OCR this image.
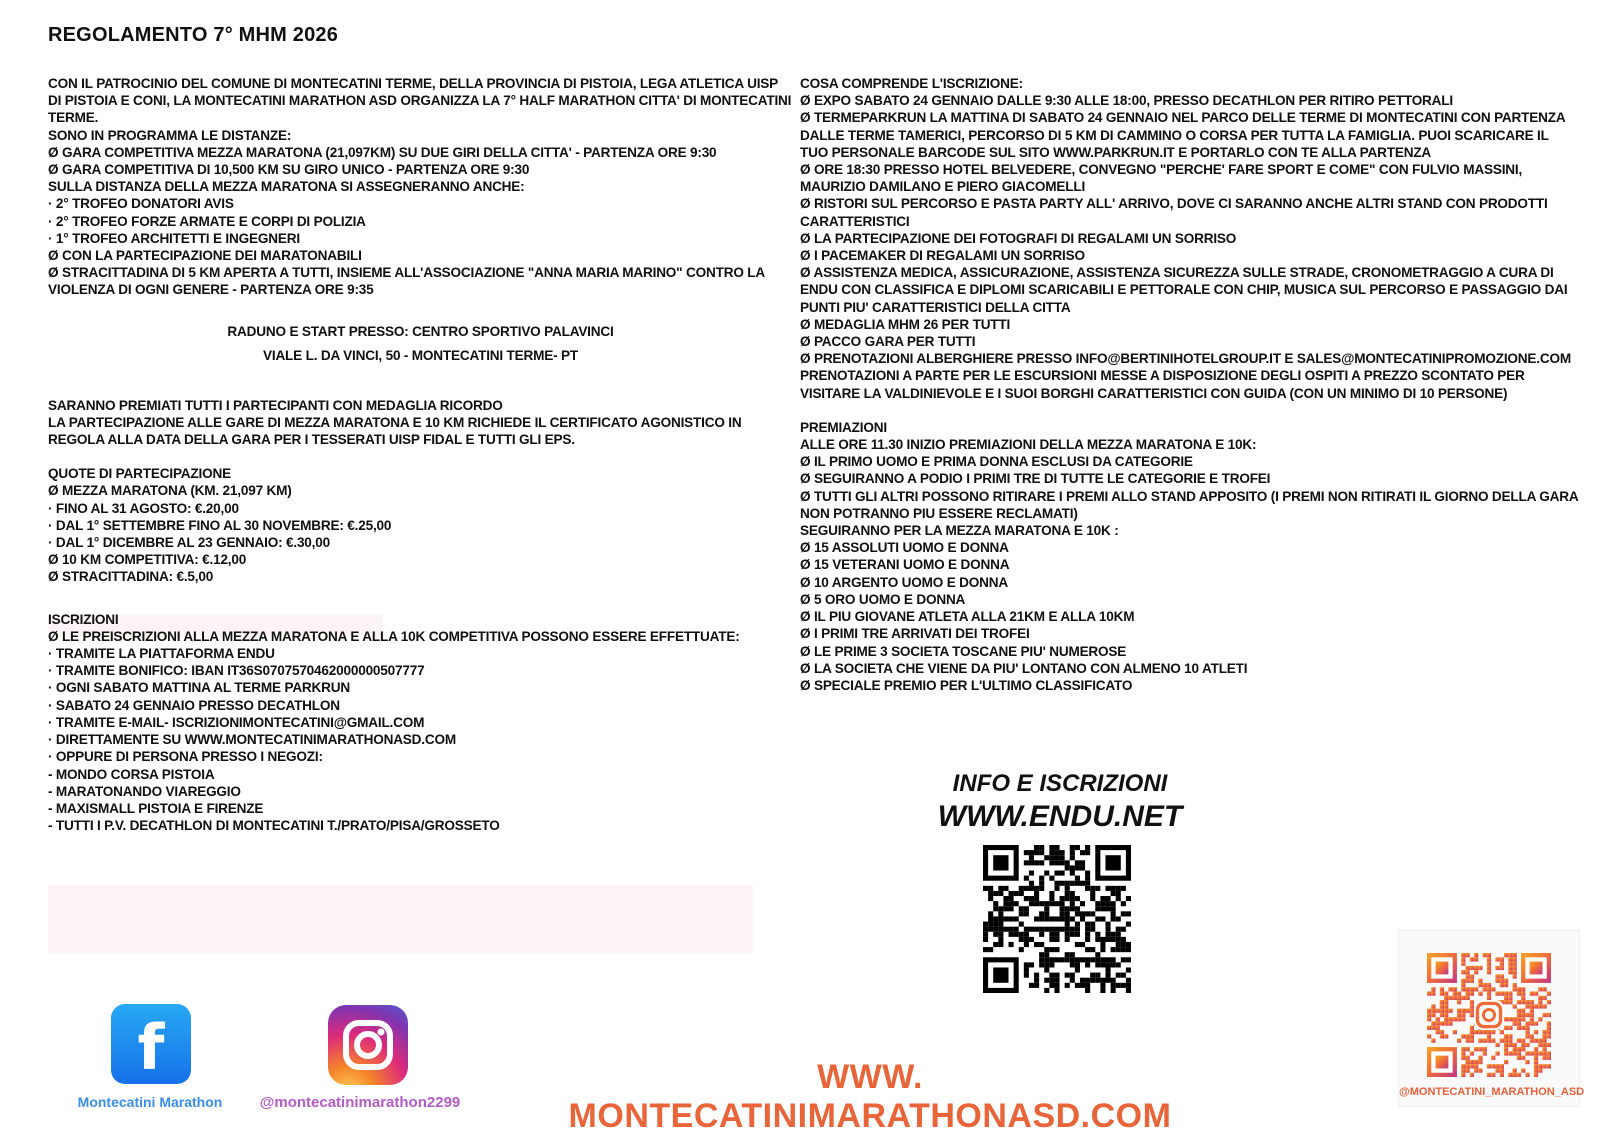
REGOLAMENTO 7° MHM 2026
CON IL PATROCINIO DEL COMUNE DI MONTECATINI TERME, DELLA PROVINCIA DI PISTOIA, LEGA ATLETICA UISP DI PISTOIA E CONI, LA MONTECATINI MARATHON ASD ORGANIZZA LA 7° HALF MARATHON CITTA' DI MONTECATINI TERME.
SONO IN PROGRAMMA LE DISTANZE:
Ø GARA COMPETITIVA MEZZA MARATONA (21,097KM) SU DUE GIRI DELLA CITTA' - PARTENZA ORE 9:30
Ø GARA COMPETITIVA DI 10,500 KM SU GIRO UNICO - PARTENZA ORE 9:30
SULLA DISTANZA DELLA MEZZA MARATONA SI ASSEGNERANNO ANCHE:
· 2° TROFEO DONATORI AVIS
· 2° TROFEO FORZE ARMATE E CORPI DI POLIZIA
· 1° TROFEO ARCHITETTI E INGEGNERI
Ø CON LA PARTECIPAZIONE DEI MARATONABILI
Ø STRACITTADINA DI 5 KM APERTA A TUTTI, INSIEME ALL'ASSOCIAZIONE "ANNA MARIA MARINO" CONTRO LA VIOLENZA DI OGNI GENERE - PARTENZA ORE 9:35
RADUNO E START PRESSO: CENTRO SPORTIVO PALAVINCI
VIALE L. DA VINCI, 50 - MONTECATINI TERME- PT
SARANNO PREMIATI TUTTI I PARTECIPANTI CON MEDAGLIA RICORDO
LA PARTECIPAZIONE ALLE GARE DI MEZZA MARATONA E 10 KM RICHIEDE IL CERTIFICATO AGONISTICO IN REGOLA ALLA DATA DELLA GARA PER I TESSERATI UISP FIDAL E TUTTI GLI EPS.
QUOTE DI PARTECIPAZIONE
Ø MEZZA MARATONA (KM. 21,097 KM)
· FINO AL 31 AGOSTO: €.20,00
· DAL 1° SETTEMBRE FINO AL 30 NOVEMBRE: €.25,00
· DAL 1° DICEMBRE AL 23 GENNAIO: €.30,00
Ø 10 KM COMPETITIVA: €.12,00
Ø STRACITTADINA: €.5,00
ISCRIZIONI
Ø LE PREISCRIZIONI ALLA MEZZA MARATONA E ALLA 10K COMPETITIVA POSSONO ESSERE EFFETTUATE:
· TRAMITE LA PIATTAFORMA ENDU
· TRAMITE BONIFICO: IBAN IT36S0707570462000000507777
· OGNI SABATO MATTINA AL TERME PARKRUN
· SABATO 24 GENNAIO PRESSO DECATHLON
· TRAMITE E-MAIL- ISCRIZIONIMONTECATINI@GMAIL.COM
· DIRETTAMENTE SU WWW.MONTECATINIMARATHONASD.COM
· OPPURE DI PERSONA PRESSO I NEGOZI:
- MONDO CORSA PISTOIA
- MARATONANDO VIAREGGIO
- MAXISMALL PISTOIA E FIRENZE
- TUTTI I P.V. DECATHLON DI MONTECATINI T./PRATO/PISA/GROSSETO
COSA COMPRENDE L'ISCRIZIONE:
Ø EXPO SABATO 24 GENNAIO DALLE 9:30 ALLE 18:00, PRESSO DECATHLON PER RITIRO PETTORALI
Ø TERMEPARKRUN LA MATTINA DI SABATO 24 GENNAIO NEL PARCO DELLE TERME DI MONTECATINI CON PARTENZA DALLE TERME TAMERICI, PERCORSO DI 5 KM DI CAMMINO O CORSA PER TUTTA LA FAMIGLIA. PUOI SCARICARE IL TUO PERSONALE BARCODE SUL SITO WWW.PARKRUN.IT E PORTARLO CON TE ALLA PARTENZA
Ø ORE 18:30 PRESSO HOTEL BELVEDERE, CONVEGNO "PERCHE' FARE SPORT E COME" CON FULVIO MASSINI, MAURIZIO DAMILANO E PIERO GIACOMELLI
Ø RISTORI SUL PERCORSO E PASTA PARTY ALL' ARRIVO, DOVE CI SARANNO ANCHE ALTRI STAND CON PRODOTTI CARATTERISTICI
Ø LA PARTECIPAZIONE DEI FOTOGRAFI DI REGALAMI UN SORRISO
Ø I PACEMAKER DI REGALAMI UN SORRISO
Ø ASSISTENZA MEDICA, ASSICURAZIONE, ASSISTENZA SICUREZZA SULLE STRADE, CRONOMETRAGGIO A CURA DI ENDU CON CLASSIFICA E DIPLOMI SCARICABILI E PETTORALE CON CHIP, MUSICA SUL PERCORSO E PASSAGGIO DAI PUNTI PIU' CARATTERISTICI DELLA CITTA
Ø MEDAGLIA MHM 26 PER TUTTI
Ø PACCO GARA PER TUTTI
Ø PRENOTAZIONI ALBERGHIERE PRESSO INFO@BERTINIHOTELGROUP.IT E SALES@MONTECATINIPROMOZIONE.COM
PRENOTAZIONI A PARTE PER LE ESCURSIONI MESSE A DISPOSIZIONE DEGLI OSPITI A PREZZO SCONTATO PER VISITARE LA VALDINIEVOLE E I SUOI BORGHI CARATTERISTICI CON GUIDA (CON UN MINIMO DI 10 PERSONE)
PREMIAZIONI
ALLE ORE 11.30 INIZIO PREMIAZIONI DELLA MEZZA MARATONA E 10K:
Ø IL PRIMO UOMO E PRIMA DONNA ESCLUSI DA CATEGORIE
Ø SEGUIRANNO A PODIO I PRIMI TRE DI TUTTE LE CATEGORIE E TROFEI
Ø TUTTI GLI ALTRI POSSONO RITIRARE I PREMI ALLO STAND APPOSITO (I PREMI NON RITIRATI IL GIORNO DELLA GARA NON POTRANNO PIU ESSERE RECLAMATI)
SEGUIRANNO PER LA MEZZA MARATONA E 10K :
Ø 15 ASSOLUTI UOMO E DONNA
Ø 15 VETERANI UOMO E DONNA
Ø 10 ARGENTO UOMO E DONNA
Ø 5 ORO UOMO E DONNA
Ø IL PIU GIOVANE ATLETA ALLA 21KM E ALLA 10KM
Ø I PRIMI TRE ARRIVATI DEI TROFEI
Ø LE PRIME 3 SOCIETA TOSCANE PIU' NUMEROSE
Ø LA SOCIETA CHE VIENE DA PIU' LONTANO CON ALMENO 10 ATLETI
Ø SPECIALE PREMIO PER L'ULTIMO CLASSIFICATO
INFO E ISCRIZIONI
WWW.ENDU.NET
@MONTECATINI_MARATHON_ASD
f
Montecatini Marathon	@montecatinimarathon2299
WWW. MONTECATINIMARATHONASD.COM
